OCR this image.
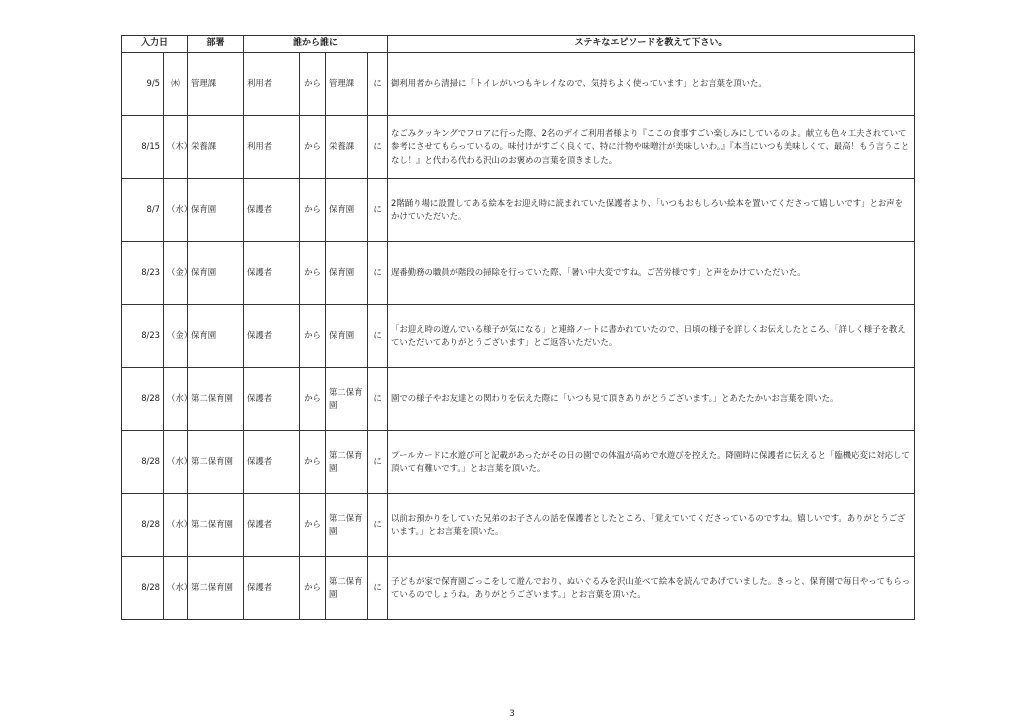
入力日		部署	誰から誰に				ステキなエピソードを教えて下さい。
9/5	㈭	管理課	利用者	から	管理課	に	御利用者から清掃に「トイレがいつもキレイなので、気持ちよく使っています」とお言葉を頂いた。
8/15	（木）	栄養課	利用者	から	栄養課	に	なごみクッキングでフロアに行った際、2名のデイご利用者様より『ここの食事すごい楽しみにしているのよ。献立も色々工夫されていて参考にさせてもらっているの。味付けがすごく良くて、特に汁物や味噌汁が美味しいわ。』『本当にいつも美味しくて、最高！もう言うことなし！』と代わる代わる沢山のお褒めの言葉を頂きました。
8/7	（水）	保育園	保護者	から	保育園	に	2階踊り場に設置してある絵本をお迎え時に読まれていた保護者より、「いつもおもしろい絵本を置いてくださって嬉しいです」とお声をかけていただいた。
8/23	（金）	保育園	保護者	から	保育園	に	遅番勤務の職員が階段の掃除を行っていた際、「暑い中大変ですね。ご苦労様です」と声をかけていただいた。
8/23	（金）	保育園	保護者	から	保育園	に	「お迎え時の遊んでいる様子が気になる」と連絡ノートに書かれていたので、日頃の様子を詳しくお伝えしたところ、「詳しく様子を教えていただいてありがとうございます」とご返答いただいた。
8/28	（水）	第二保育園	保護者	から	第二保育園	に	園での様子やお友達との関わりを伝えた際に「いつも見て頂きありがとうございます。」とあたたかいお言葉を頂いた。
8/28	（水）	第二保育園	保護者	から	第二保育園	に	プールカードに水遊び可と記載があったがその日の園での体温が高めで水遊びを控えた。降園時に保護者に伝えると「臨機応変に対応して頂いて有難いです。」とお言葉を頂いた。
8/28	（水）	第二保育園	保護者	から	第二保育園	に	以前お預かりをしていた兄弟のお子さんの話を保護者としたところ、「覚えていてくださっているのですね。嬉しいです。ありがとうございます。」とお言葉を頂いた。
8/28	（水）	第二保育園	保護者	から	第二保育園	に	子どもが家で保育園ごっこをして遊んでおり、ぬいぐるみを沢山並べて絵本を読んであげていました。きっと、保育園で毎日やってもらっているのでしょうね。ありがとうございます。」とお言葉を頂いた。
3
